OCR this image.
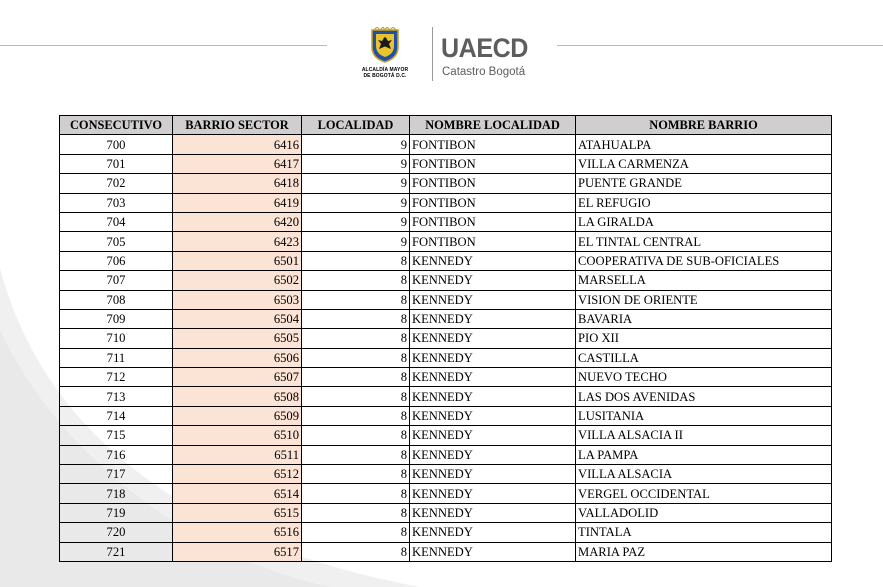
ALCALDÍA MAYOR
DE BOGOTÁ D.C.
UAECD
Catastro Bogotá
CONSECUTIVO	BARRIO SECTOR	LOCALIDAD	NOMBRE LOCALIDAD	NOMBRE BARRIO
700	6416	9	FONTIBON	ATAHUALPA
701	6417	9	FONTIBON	VILLA CARMENZA
702	6418	9	FONTIBON	PUENTE GRANDE
703	6419	9	FONTIBON	EL REFUGIO
704	6420	9	FONTIBON	LA GIRALDA
705	6423	9	FONTIBON	EL TINTAL CENTRAL
706	6501	8	KENNEDY	COOPERATIVA DE SUB-OFICIALES
707	6502	8	KENNEDY	MARSELLA
708	6503	8	KENNEDY	VISION DE ORIENTE
709	6504	8	KENNEDY	BAVARIA
710	6505	8	KENNEDY	PIO XII
711	6506	8	KENNEDY	CASTILLA
712	6507	8	KENNEDY	NUEVO TECHO
713	6508	8	KENNEDY	LAS DOS AVENIDAS
714	6509	8	KENNEDY	LUSITANIA
715	6510	8	KENNEDY	VILLA ALSACIA II
716	6511	8	KENNEDY	LA PAMPA
717	6512	8	KENNEDY	VILLA ALSACIA
718	6514	8	KENNEDY	VERGEL OCCIDENTAL
719	6515	8	KENNEDY	VALLADOLID
720	6516	8	KENNEDY	TINTALA
721	6517	8	KENNEDY	MARIA PAZ
